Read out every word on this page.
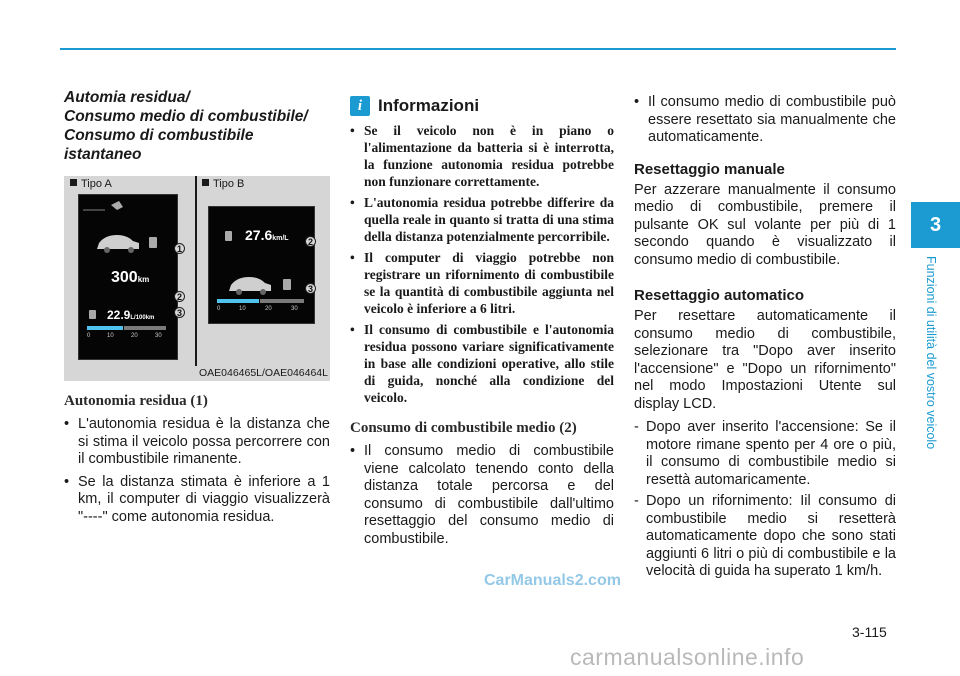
Automia residua/
Consumo medio di combustibile/
Consumo di combustibile
istantaneo
Tipo A	Tipo B
300km
22.9L/100km
0	10	20	30
1
2
3
27.6km/L
0	10	20	30
2
3
OAE046465L/OAE046464L
Autonomia residua (1)
• L'autonomia residua è la distanza che si stima il veicolo possa percorrere con il combustibile rimanente.
• Se la distanza stimata è inferiore a 1 km, il computer di viaggio visualizzerà "----" come autonomia residua.
i Informazioni
• Se il veicolo non è in piano o l'alimentazione da batteria si è interrotta, la funzione autonomia residua potrebbe non funzionare correttamente.
• L'autonomia residua potrebbe differire da quella reale in quanto si tratta di una stima della distanza potenzialmente percorribile.
• Il computer di viaggio potrebbe non registrare un rifornimento di combustibile se la quantità di combustibile aggiunta nel veicolo è inferiore a 6 litri.
• Il consumo di combustibile e l'autonomia residua possono variare significativamente in base alle condizioni operative, allo stile di guida, nonché alla condizione del veicolo.
Consumo di combustibile medio (2)
• Il consumo medio di combustibile viene calcolato tenendo conto della distanza totale percorsa e del consumo di combustibile dall'ultimo resettaggio del consumo medio di combustibile.
• Il consumo medio di combustibile può essere resettato sia manualmente che automaticamente.
Resettaggio manuale
Per azzerare manualmente il consumo medio di combustibile, premere il pulsante OK sul volante per più di 1 secondo quando è visualizzato il consumo medio di combustibile.
Resettaggio automatico
Per resettare automaticamente il consumo medio di combustibile, selezionare tra "Dopo aver inserito l'accensione" e "Dopo un rifornimento" nel modo Impostazioni Utente sul display LCD.
- Dopo aver inserito l'accensione: Se il motore rimane spento per 4 ore o più, il consumo di combustibile medio si resettà automaricamente.
- Dopo un rifornimento: Iil consumo di combustibile medio si resetterà automaticamente dopo che sono stati aggiunti 6 litri o più di combustibile e la velocità di guida ha superato 1 km/h.
3
Funzioni di utilità del vostro veicolo
3-115
CarManuals2.com
carmanualsonline.info
